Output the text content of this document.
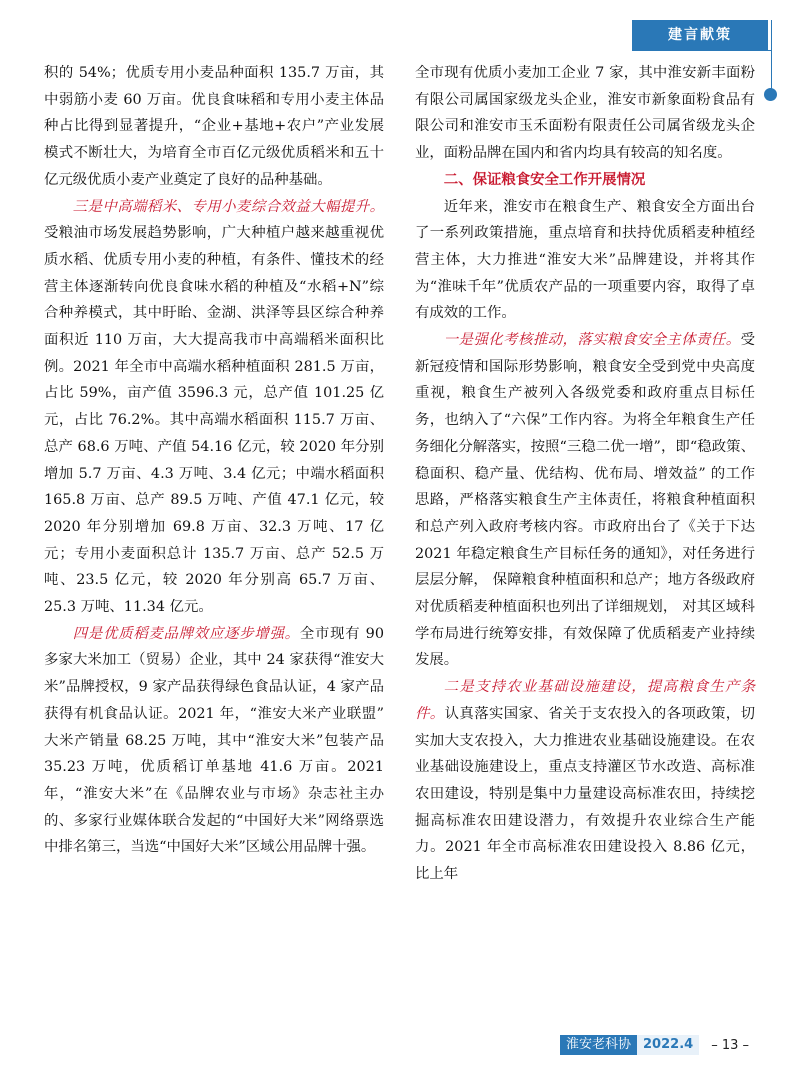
建言献策

积的 54%；优质专用小麦品种面积 135.7 万亩，其中弱筋小麦 60 万亩。优良食味稻和专用小麦主体品种占比得到显著提升，“企业+基地+农户”产业发展模式不断壮大，为培育全市百亿元级优质稻米和五十亿元级优质小麦产业奠定了良好的品种基础。

三是中高端稻米、专用小麦综合效益大幅提升。受粮油市场发展趋势影响，广大种植户越来越重视优质水稻、优质专用小麦的种植，有条件、懂技术的经营主体逐渐转向优良食味水稻的种植及“水稻+N”综合种养模式，其中盱眙、金湖、洪泽等县区综合种养面积近 110 万亩，大大提高我市中高端稻米面积比例。2021 年全市中高端水稻种植面积 281.5 万亩，占比 59%，亩产值 3596.3 元，总产值 101.25 亿元，占比 76.2%。其中高端水稻面积 115.7 万亩、总产 68.6 万吨、产值 54.16 亿元，较 2020 年分别增加 5.7 万亩、4.3 万吨、3.4 亿元；中端水稻面积 165.8 万亩、总产 89.5 万吨、产值 47.1 亿元，较 2020 年分别增加 69.8 万亩、32.3 万吨、17 亿元；专用小麦面积总计 135.7 万亩、总产 52.5 万吨、23.5 亿元，较 2020 年分别高 65.7 万亩、25.3 万吨、11.34 亿元。

四是优质稻麦品牌效应逐步增强。全市现有 90 多家大米加工（贸易）企业，其中 24 家获得“淮安大米”品牌授权，9 家产品获得绿色食品认证，4 家产品获得有机食品认证。2021 年，“淮安大米产业联盟” 大米产销量 68.25 万吨，其中“淮安大米”包装产品 35.23 万吨，优质稻订单基地 41.6 万亩。2021 年，“淮安大米”在《品牌农业与市场》杂志社主办的、多家行业媒体联合发起的“中国好大米”网络票选中排名第三，当选“中国好大米”区域公用品牌十强。

全市现有优质小麦加工企业 7 家，其中淮安新丰面粉有限公司属国家级龙头企业，淮安市新象面粉食品有限公司和淮安市玉禾面粉有限责任公司属省级龙头企业，面粉品牌在国内和省内均具有较高的知名度。

二、保证粮食安全工作开展情况

近年来，淮安市在粮食生产、粮食安全方面出台了一系列政策措施，重点培育和扶持优质稻麦种植经营主体，大力推进“淮安大米”品牌建设，并将其作为“淮味千年”优质农产品的一项重要内容，取得了卓有成效的工作。

一是强化考核推动，落实粮食安全主体责任。受新冠疫情和国际形势影响，粮食安全受到党中央高度重视，粮食生产被列入各级党委和政府重点目标任务，也纳入了“六保”工作内容。为将全年粮食生产任务细化分解落实，按照“三稳二优一增”，即“稳政策、稳面积、稳产量、优结构、优布局、增效益” 的工作思路，严格落实粮食生产主体责任，将粮食种植面积和总产列入政府考核内容。市政府出台了《关于下达 2021 年稳定粮食生产目标任务的通知》，对任务进行层层分解， 保障粮食种植面积和总产；地方各级政府对优质稻麦种植面积也列出了详细规划， 对其区域科学布局进行统筹安排，有效保障了优质稻麦产业持续发展。

二是支持农业基础设施建设，提高粮食生产条件。认真落实国家、省关于支农投入的各项政策，切实加大支农投入，大力推进农业基础设施建设。在农业基础设施建设上，重点支持灌区节水改造、高标准农田建设，特别是集中力量建设高标准农田，持续挖掘高标准农田建设潜力，有效提升农业综合生产能力。2021 年全市高标准农田建设投入 8.86 亿元，比上年

淮安老科协 2022.4	– 13 –
